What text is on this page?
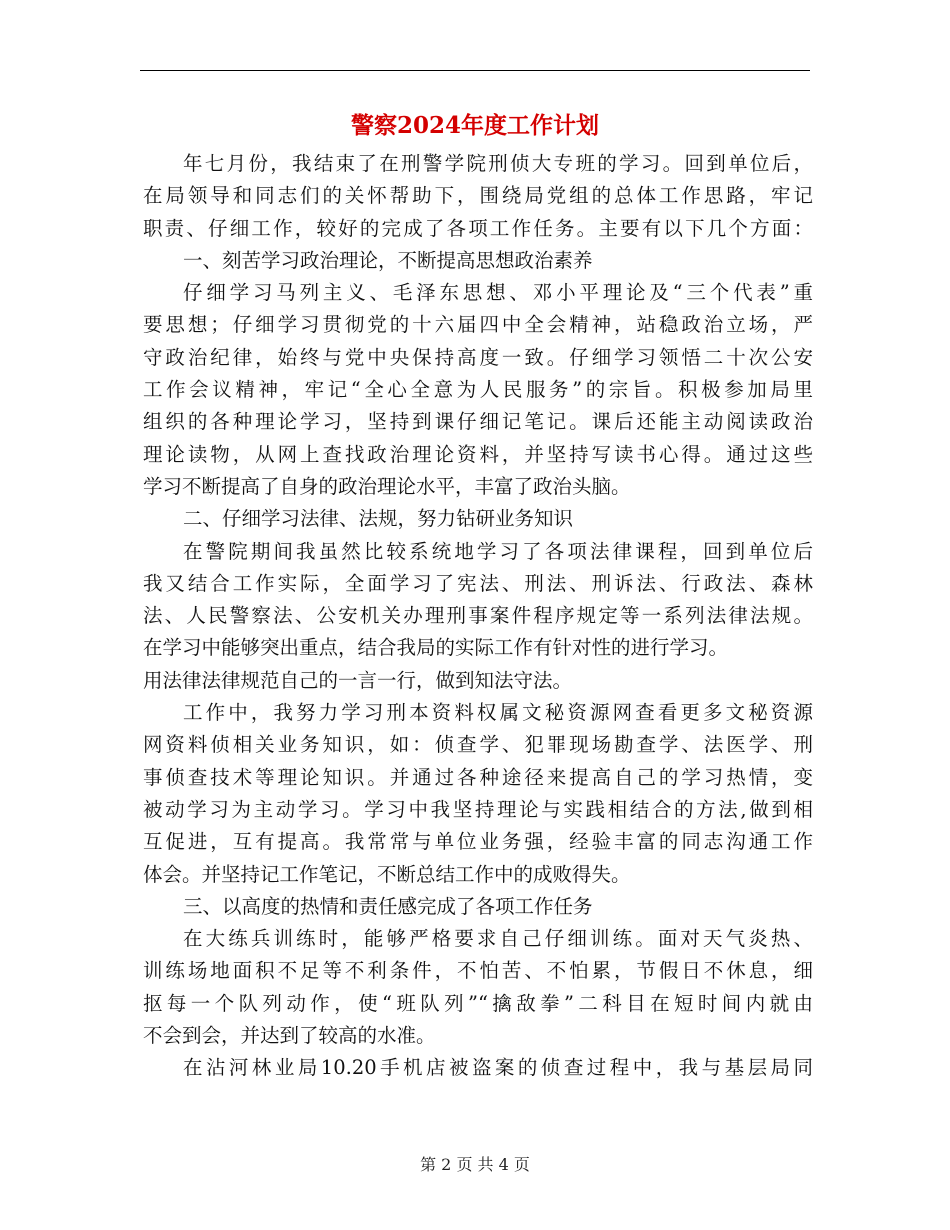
警察2024年度工作计划
年七月份，我结束了在刑警学院刑侦大专班的学习。回到单位后，
在局领导和同志们的关怀帮助下，围绕局党组的总体工作思路，牢记
职责、仔细工作，较好的完成了各项工作任务。主要有以下几个方面：
一、刻苦学习政治理论，不断提高思想政治素养
仔细学习马列主义、毛泽东思想、邓小平理论及“三个代表”重
要思想；仔细学习贯彻党的十六届四中全会精神，站稳政治立场，严
守政治纪律，始终与党中央保持高度一致。仔细学习领悟二十次公安
工作会议精神，牢记“全心全意为人民服务”的宗旨。积极参加局里
组织的各种理论学习，坚持到课仔细记笔记。课后还能主动阅读政治
理论读物，从网上查找政治理论资料，并坚持写读书心得。通过这些
学习不断提高了自身的政治理论水平，丰富了政治头脑。
二、仔细学习法律、法规，努力钻研业务知识
在警院期间我虽然比较系统地学习了各项法律课程，回到单位后
我又结合工作实际，全面学习了宪法、刑法、刑诉法、行政法、森林
法、人民警察法、公安机关办理刑事案件程序规定等一系列法律法规。
在学习中能够突出重点，结合我局的实际工作有针对性的进行学习。
用法律法律规范自己的一言一行，做到知法守法。
工作中，我努力学习刑本资料权属文秘资源网查看更多文秘资源
网资料侦相关业务知识，如：侦查学、犯罪现场勘查学、法医学、刑
事侦查技术等理论知识。并通过各种途径来提高自己的学习热情，变
被动学习为主动学习。学习中我坚持理论与实践相结合的方法,做到相
互促进，互有提高。我常常与单位业务强，经验丰富的同志沟通工作
体会。并坚持记工作笔记，不断总结工作中的成败得失。
三、以高度的热情和责任感完成了各项工作任务
在大练兵训练时，能够严格要求自己仔细训练。面对天气炎热、
训练场地面积不足等不利条件，不怕苦、不怕累，节假日不休息，细
抠每一个队列动作，使“班队列”“擒敌拳”二科目在短时间内就由
不会到会，并达到了较高的水准。
在沾河林业局10.20手机店被盗案的侦查过程中，我与基层局同
第 2 页 共 4 页
